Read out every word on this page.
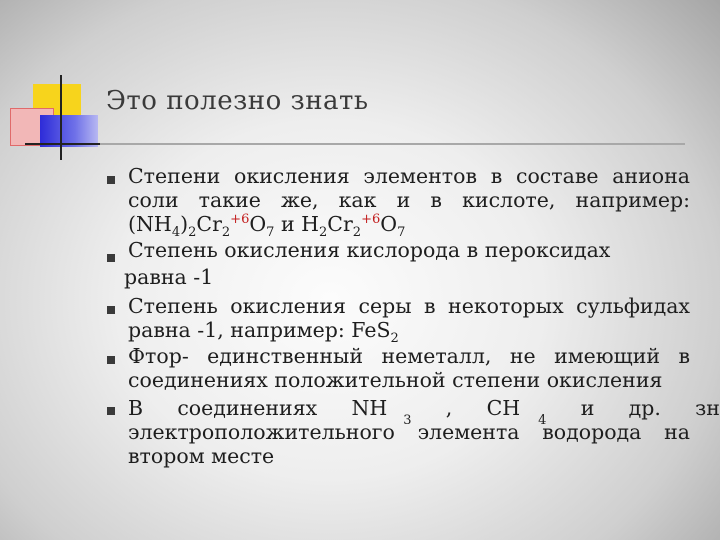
Это полезно знать
Степени окисления элементов в составе аниона
соли такие же, как и в кислоте, например:
$(NH_4)_2Cr_2^{+6}O_7$ и $H_2Cr_2^{+6}O_7$
Степень окисления кислорода в пероксидах
равна -1
Степень окисления серы в некоторых сульфидах
равна -1, например: FeS$_2$
Фтор- единственный неметалл, не имеющий в
соединениях положительной степени окисления
В соединениях $NH_3$
, $CH_4$
и др. зн
электроположительного элемента водорода на
втором месте
